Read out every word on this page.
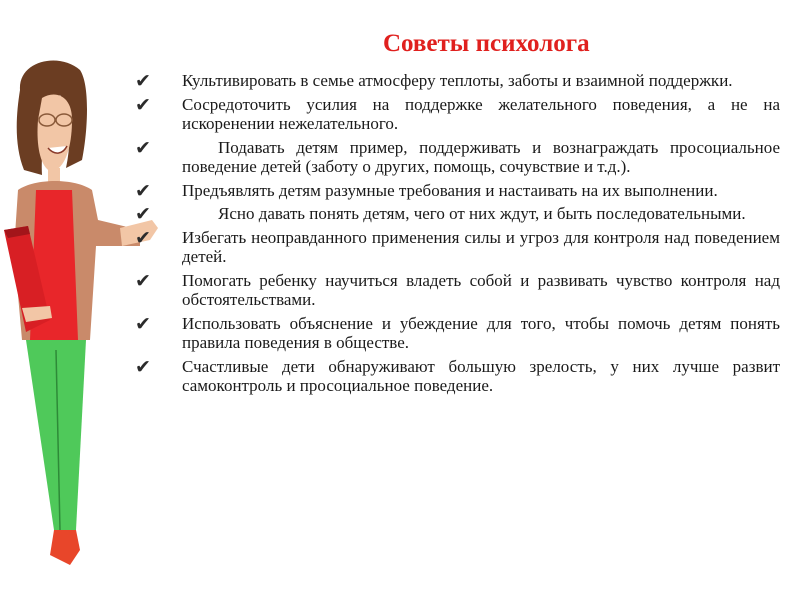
Советы психолога
✔	Культивировать в семье атмосферу теплоты, заботы и взаимной поддержки.
✔	Сосредоточить усилия на поддержке желательного поведения, а не на искоренении нежелательного.
✔	Подавать детям пример, поддерживать и вознаграждать просоциальное поведение детей (заботу о других, помощь, сочувствие и т.д.).
✔	Предъявлять детям разумные требования и настаивать на их выполнении.
✔	Ясно давать понять детям, чего от них ждут, и быть последовательными.
✔	Избегать неоправданного применения силы и угроз для контроля над поведением детей.
✔	Помогать ребенку научиться владеть собой и развивать чувство контроля над обстоятельствами.
✔	Использовать объяснение и убеждение для того, чтобы помочь детям понять правила поведения в обществе.
✔	Счастливые дети обнаруживают большую зрелость, у них лучше развит самоконтроль и просоциальное поведение.
